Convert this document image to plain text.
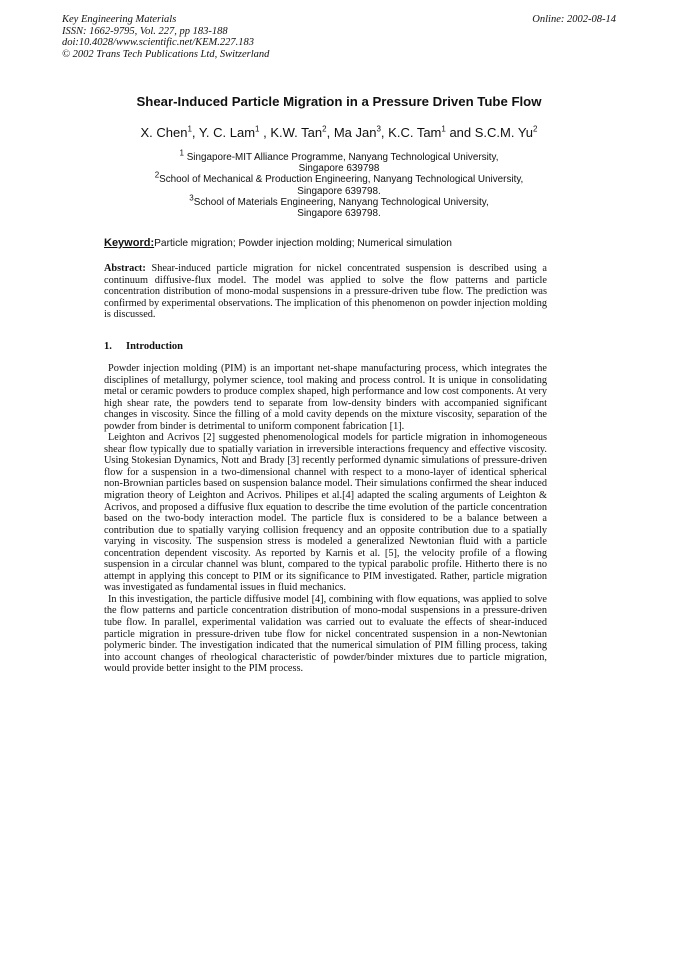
Key Engineering Materials
ISSN: 1662-9795, Vol. 227, pp 183-188
doi:10.4028/www.scientific.net/KEM.227.183
© 2002 Trans Tech Publications Ltd, Switzerland
Online: 2002-08-14
Shear-Induced Particle Migration in a Pressure Driven Tube Flow
X. Chen$^1$, Y. C. Lam$^1$ , K.W. Tan$^2$, Ma Jan$^3$, K.C. Tam$^1$ and S.C.M. Yu$^2$

$^1$ Singapore-MIT Alliance Programme, Nanyang Technological University,

Singapore 639798

$^2$School of Mechanical & Production Engineering, Nanyang Technological University,

Singapore 639798.

$^3$School of Materials Engineering, Nanyang Technological University,

Singapore 639798.

Keyword:Particle migration; Powder injection molding; Numerical simulation

Abstract: Shear-induced particle migration for nickel concentrated suspension is described using a continuum diffusive-flux model. The model was applied to solve the flow patterns and particle concentration distribution of mono-modal suspensions in a pressure-driven tube flow. The prediction was confirmed by experimental observations. The implication of this phenomenon on powder injection molding is discussed.

1. Introduction

Powder injection molding (PIM) is an important net-shape manufacturing process, which integrates the disciplines of metallurgy, polymer science, tool making and process control. It is unique in consolidating metal or ceramic powders to produce complex shaped, high performance and low cost components. At very high shear rate, the powders tend to separate from low-density binders with accompanied significant changes in viscosity. Since the filling of a mold cavity depends on the mixture viscosity, separation of the powder from binder is detrimental to uniform component fabrication [1].

Leighton and Acrivos [2] suggested phenomenological models for particle migration in inhomogeneous shear flow typically due to spatially variation in irreversible interactions frequency and effective viscosity. Using Stokesian Dynamics, Nott and Brady [3] recently performed dynamic simulations of pressure-driven flow for a suspension in a two-dimensional channel with respect to a mono-layer of identical spherical non-Brownian particles based on suspension balance model. Their simulations confirmed the shear induced migration theory of Leighton and Acrivos. Philipes et al.[4] adapted the scaling arguments of Leighton & Acrivos, and proposed a diffusive flux equation to describe the time evolution of the particle concentration based on the two-body interaction model. The particle flux is considered to be a balance between a contribution due to spatially varying collision frequency and an opposite contribution due to a spatially varying in viscosity. The suspension stress is modeled a generalized Newtonian fluid with a particle concentration dependent viscosity. As reported by Karnis et al. [5], the velocity profile of a flowing suspension in a circular channel was blunt, compared to the typical parabolic profile. Hitherto there is no attempt in applying this concept to PIM or its significance to PIM investigated. Rather, particle migration was investigated as fundamental issues in fluid mechanics.

In this investigation, the particle diffusive model [4], combining with flow equations, was applied to solve the flow patterns and particle concentration distribution of mono-modal suspensions in a pressure-driven tube flow. In parallel, experimental validation was carried out to evaluate the effects of shear-induced particle migration in pressure-driven tube flow for nickel concentrated suspension in a non-Newtonian polymeric binder. The investigation indicated that the numerical simulation of PIM filling process, taking into account changes of rheological characteristic of powder/binder mixtures due to particle migration, would provide better insight to the PIM process.
